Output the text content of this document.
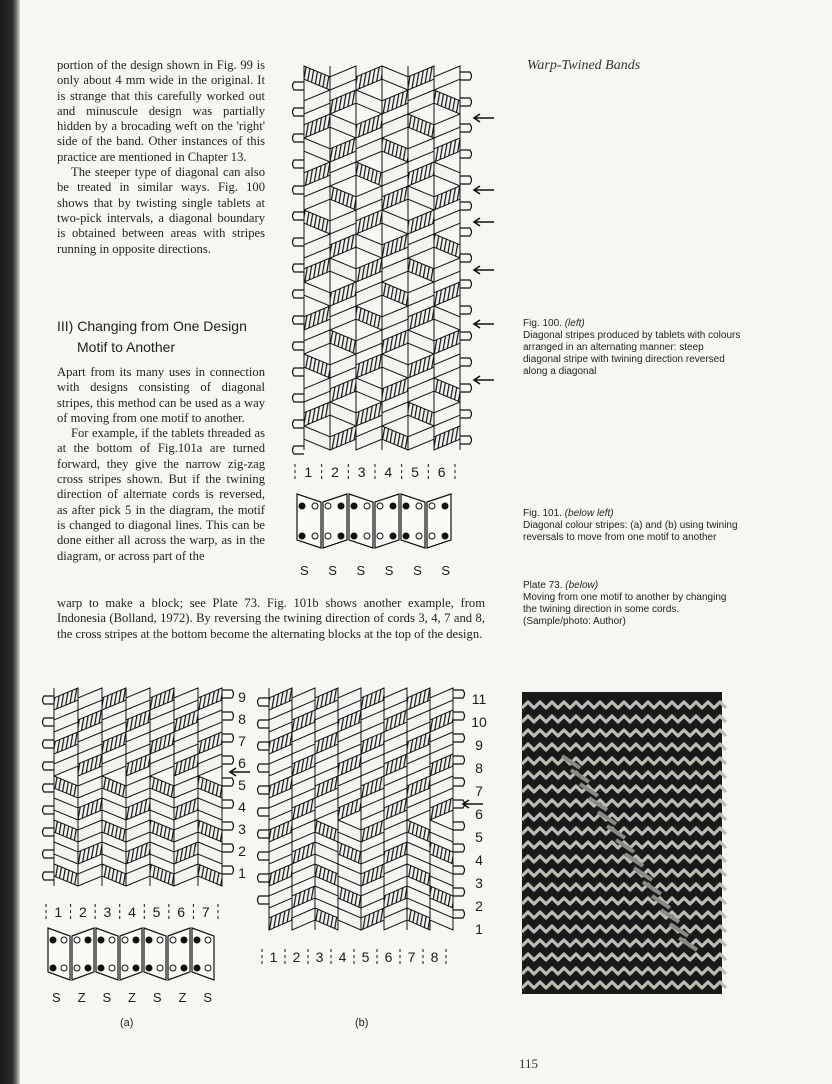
Warp-Twined Bands

portion of the design shown in Fig. 99 is only about 4 mm wide in the original. It is strange that this carefully worked out and minuscule design was partially hidden by a brocading weft on the 'right' side of the band. Other instances of this practice are mentioned in Chapter 13.

The steeper type of diagonal can also be treated in similar ways. Fig. 100 shows that by twisting single tablets at two-pick intervals, a diagonal boundary is obtained between areas with stripes running in opposite directions.

III) Changing from One Design
Motif to Another

Apart from its many uses in connection with designs consisting of diagonal stripes, this method can be used as a way of moving from one motif to another.

For example, if the tablets threaded as at the bottom of Fig.101a are turned forward, they give the narrow zig-zag cross stripes shown. But if the twining direction of alternate cords is reversed, as after pick 5 in the diagram, the motif is changed to diagonal lines. This can be done either all across the warp, as in the diagram, or across part of the

warp to make a block; see Plate 73. Fig. 101b shows another example, from Indonesia (Bolland, 1972). By reversing the twining direction of cords 3, 4, 7 and 8, the cross stripes at the bottom become the alternating blocks at the top of the design.

Fig. 100. (left)
Diagonal stripes produced by tablets with colours arranged in an alternating manner: steep diagonal stripe with twining direction reversed along a diagonal
Fig. 101. (below left)
Diagonal colour stripes: (a) and (b) using twining reversals to move from one motif to another
Plate 73. (below)
Moving from one motif to another by changing the twining direction in some cords. (Sample/photo: Author)
1 2 3 4 5 6
S S S S S S
9
8
7
6
5
4
3
2
1
1 2 3 4 5 6 7
S Z S Z S Z S
(a)
11
10
9
8
7
6
5
4
3
2
1
1 2 3 4 5 6 7 8
(b)
115
